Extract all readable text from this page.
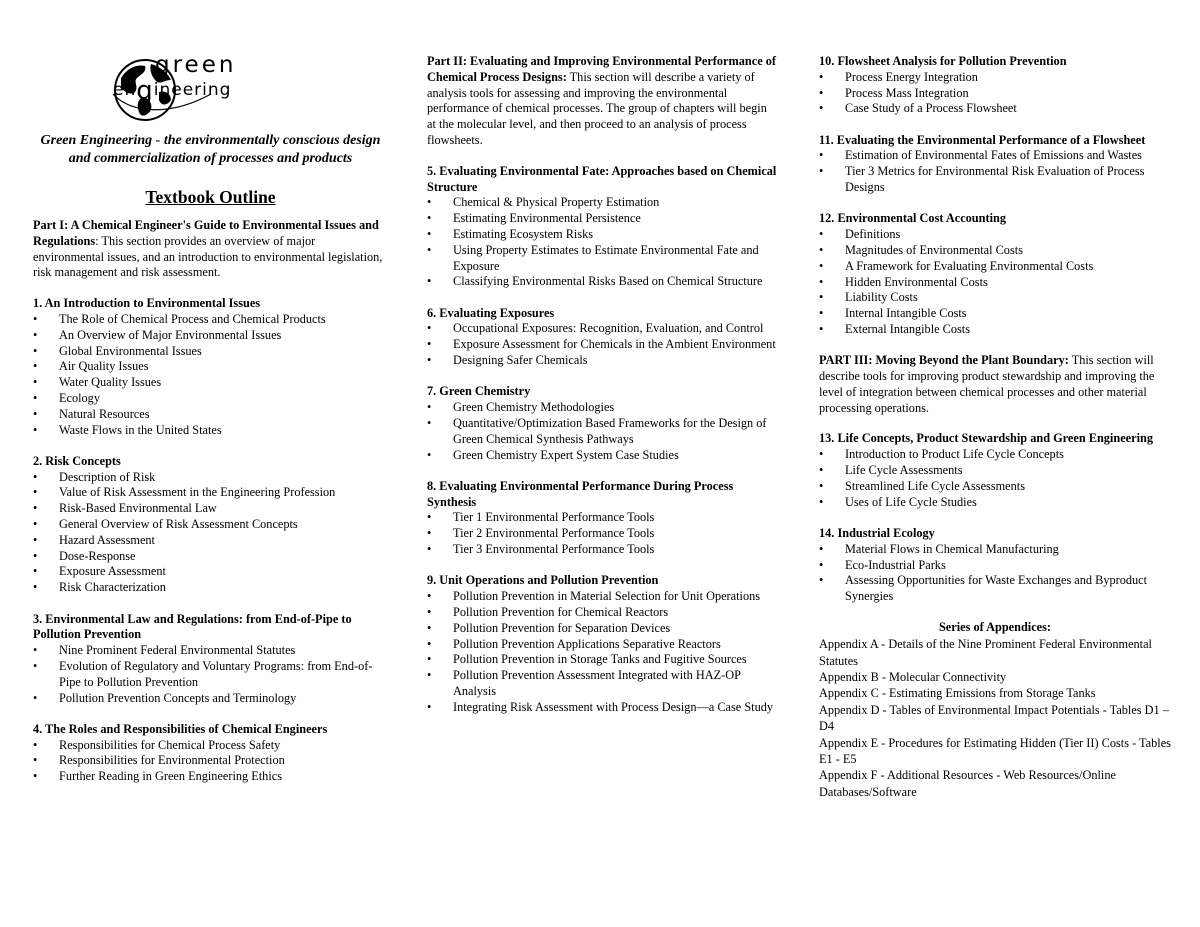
green
engineering
Green Engineering - the environmentally conscious design and commercialization of processes and products
Textbook Outline
Part I: A Chemical Engineer's Guide to Environmental Issues and Regulations: This section provides an overview of major environmental issues, and an introduction to environmental legislation, risk management and risk assessment.
1. An Introduction to Environmental Issues
• The Role of Chemical Process and Chemical Products
• An Overview of Major Environmental Issues
• Global Environmental Issues
• Air Quality Issues
• Water Quality Issues
• Ecology
• Natural Resources
• Waste Flows in the United States
2. Risk Concepts
• Description of Risk
• Value of Risk Assessment in the Engineering Profession
• Risk-Based Environmental Law
• General Overview of Risk Assessment Concepts
• Hazard Assessment
• Dose-Response
• Exposure Assessment
• Risk Characterization
3. Environmental Law and Regulations: from End-of-Pipe to Pollution Prevention
• Nine Prominent Federal Environmental Statutes
• Evolution of Regulatory and Voluntary Programs: from End-of-Pipe to Pollution Prevention
• Pollution Prevention Concepts and Terminology
4. The Roles and Responsibilities of Chemical Engineers
• Responsibilities for Chemical Process Safety
• Responsibilities for Environmental Protection
• Further Reading in Green Engineering Ethics
Part II: Evaluating and Improving Environmental Performance of Chemical Process Designs: This section will describe a variety of analysis tools for assessing and improving the environmental performance of chemical processes. The group of chapters will begin at the molecular level, and then proceed to an analysis of process flowsheets.
5. Evaluating Environmental Fate: Approaches based on Chemical Structure
• Chemical & Physical Property Estimation
• Estimating Environmental Persistence
• Estimating Ecosystem Risks
• Using Property Estimates to Estimate Environmental Fate and Exposure
• Classifying Environmental Risks Based on Chemical Structure
6. Evaluating Exposures
• Occupational Exposures: Recognition, Evaluation, and Control
• Exposure Assessment for Chemicals in the Ambient Environment
• Designing Safer Chemicals
7. Green Chemistry
• Green Chemistry Methodologies
• Quantitative/Optimization Based Frameworks for the Design of Green Chemical Synthesis Pathways
• Green Chemistry Expert System Case Studies
8. Evaluating Environmental Performance During Process Synthesis
• Tier 1 Environmental Performance Tools
• Tier 2 Environmental Performance Tools
• Tier 3 Environmental Performance Tools
9. Unit Operations and Pollution Prevention
• Pollution Prevention in Material Selection for Unit Operations
• Pollution Prevention for Chemical Reactors
• Pollution Prevention for Separation Devices
• Pollution Prevention Applications Separative Reactors
• Pollution Prevention in Storage Tanks and Fugitive Sources
• Pollution Prevention Assessment Integrated with HAZ-OP Analysis
• Integrating Risk Assessment with Process Design—a Case Study
10. Flowsheet Analysis for Pollution Prevention
• Process Energy Integration
• Process Mass Integration
• Case Study of a Process Flowsheet
11. Evaluating the Environmental Performance of a Flowsheet
• Estimation of Environmental Fates of Emissions and Wastes
• Tier 3 Metrics for Environmental Risk Evaluation of Process Designs
12. Environmental Cost Accounting
• Definitions
• Magnitudes of Environmental Costs
• A Framework for Evaluating Environmental Costs
• Hidden Environmental Costs
• Liability Costs
• Internal Intangible Costs
• External Intangible Costs
PART III: Moving Beyond the Plant Boundary: This section will describe tools for improving product stewardship and improving the level of integration between chemical processes and other material processing operations.
13. Life Concepts, Product Stewardship and Green Engineering
• Introduction to Product Life Cycle Concepts
• Life Cycle Assessments
• Streamlined Life Cycle Assessments
• Uses of Life Cycle Studies
14. Industrial Ecology
• Material Flows in Chemical Manufacturing
• Eco-Industrial Parks
• Assessing Opportunities for Waste Exchanges and Byproduct Synergies
Series of Appendices:
Appendix A - Details of the Nine Prominent Federal Environmental Statutes
Appendix B - Molecular Connectivity
Appendix C - Estimating Emissions from Storage Tanks
Appendix D - Tables of Environmental Impact Potentials - Tables D1 – D4
Appendix E - Procedures for Estimating Hidden (Tier II) Costs - Tables E1 - E5
Appendix F - Additional Resources - Web Resources/Online Databases/Software
